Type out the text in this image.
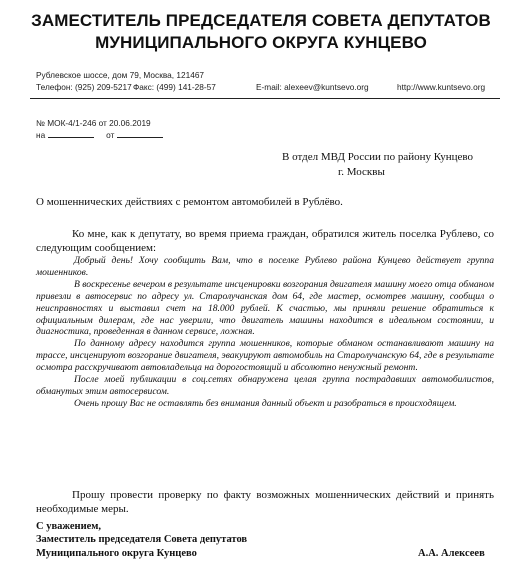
ЗАМЕСТИТЕЛЬ ПРЕДСЕДАТЕЛЯ СОВЕТА ДЕПУТАТОВ
МУНИЦИПАЛЬНОГО ОКРУГА КУНЦЕВО
Рублевское шоссе, дом 79, Москва, 121467
Телефон: (925) 209-5217 Факс: (499) 141-28-57	E-mail: alexeev@kuntsevo.org	http://www.kuntsevo.org
№ МОК-4/1-246 от 20.06.2019
на	от
В отдел МВД России по району Кунцево
г. Москвы
О мошеннических действиях с ремонтом автомобилей в Рублёво.

Ко мне, как к депутату, во время приема граждан, обратился житель поселка Рублево, со следующим сообщением:

Добрый день! Хочу сообщить Вам, что в поселке Рублево района Кунцево действует группа мошенников.

В воскресенье вечером в результате инсценировки возгорания двигателя машину моего отца обманом привезли в автосервис по адресу ул. Старолучанская дом 64, где мастер, осмотрев машину, сообщил о неисправностях и выставил счет на 18.000 рублей. К счастью, мы приняли решение обратиться к официальным дилерам, где нас уверили, что двигатель машины находится в идеальном состоянии, и диагностика, проведенная в данном сервисе, ложная.

По данному адресу находится группа мошенников, которые обманом останавливают машину на трассе, инсценируют возгорание двигателя, эвакуируют автомобиль на Старолучанскую 64, где в результате осмотра расскручивают автовладельца на дорогостоящий и абсолютно ненужный ремонт.

После моей публикации в соц.сетях обнаружена целая группа пострадавших автомобилистов, обманутых этим автосервисом.

Очень прошу Вас не оставлять без внимания данный объект и разобраться в происходящем.

Прошу провести проверку по факту возможных мошеннических действий и принять необходимые меры.

С уважением,
Заместитель председателя Совета депутатов
Муниципального округа Кунцево	А.А. Алексеев
